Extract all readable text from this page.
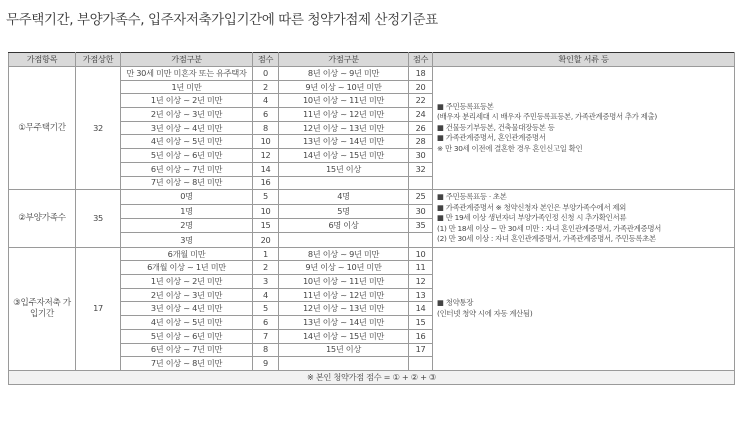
무주택기간, 부양가족수, 입주자저축가입기간에 따른 청약가점제 산정기준표
가점항목	가점상한	가점구분	점수	가점구분	점수	확인할 서류 등
①무주택기간	32	만 30세 미만 미혼자 또는 유주택자	0	8년 이상 ~ 9년 미만	18	■ 주민등록표등본
(배우자 분리세대 시 배우자 주민등록표등본, 가족관계증명서 추가 제출)
■ 건물등기부등본, 건축물대장등본 등
■ 가족관계증명서, 혼인관계증명서
※ 만 30세 이전에 결혼한 경우 혼인신고일 확인

		1년 미만	2	9년 이상 ~ 10년 미만	20	
		1년 이상 ~ 2년 미만	4	10년 이상 ~ 11년 미만	22	
		2년 이상 ~ 3년 미만	6	11년 이상 ~ 12년 미만	24	
		3년 이상 ~ 4년 미만	8	12년 이상 ~ 13년 미만	26	
		4년 이상 ~ 5년 미만	10	13년 이상 ~ 14년 미만	28	
		5년 이상 ~ 6년 미만	12	14년 이상 ~ 15년 미만	30	
		6년 이상 ~ 7년 미만	14	15년 이상	32	
		7년 이상 ~ 8년 미만	16			
②부양가족수	35	0명	5	4명	25	■ 주민등록표등 · 초본
■ 가족관계증명서 ※ 청약신청자 본인은 부양가족수에서 제외
■ 만 19세 이상 생년자녀 부양가족인정 신청 시 추가확인서류
(1) 만 18세 이상 ~ 만 30세 미만 : 자녀 혼인관계증명서, 가족관계증명서
(2) 만 30세 이상 : 자녀 혼인관계증명서, 가족관계증명서, 주민등록초본

		1명	10	5명	30	
		2명	15	6명 이상	35	
		3명	20			
③입주자저축 가입기간	17	6개월 미만	1	8년 이상 ~ 9년 미만	10	■ 청약통장
(인터넷 청약 시에 자동 계산됨)

		6개월 이상 ~ 1년 미만	2	9년 이상 ~ 10년 미만	11	
		1년 이상 ~ 2년 미만	3	10년 이상 ~ 11년 미만	12	
		2년 이상 ~ 3년 미만	4	11년 이상 ~ 12년 미만	13	
		3년 이상 ~ 4년 미만	5	12년 이상 ~ 13년 미만	14	
		4년 이상 ~ 5년 미만	6	13년 이상 ~ 14년 미만	15	
		5년 이상 ~ 6년 미만	7	14년 이상 ~ 15년 미만	16	
		6년 이상 ~ 7년 미만	8	15년 이상	17	
		7년 이상 ~ 8년 미만	9			
※ 본인 청약가점 점수 = ① + ② + ③						
